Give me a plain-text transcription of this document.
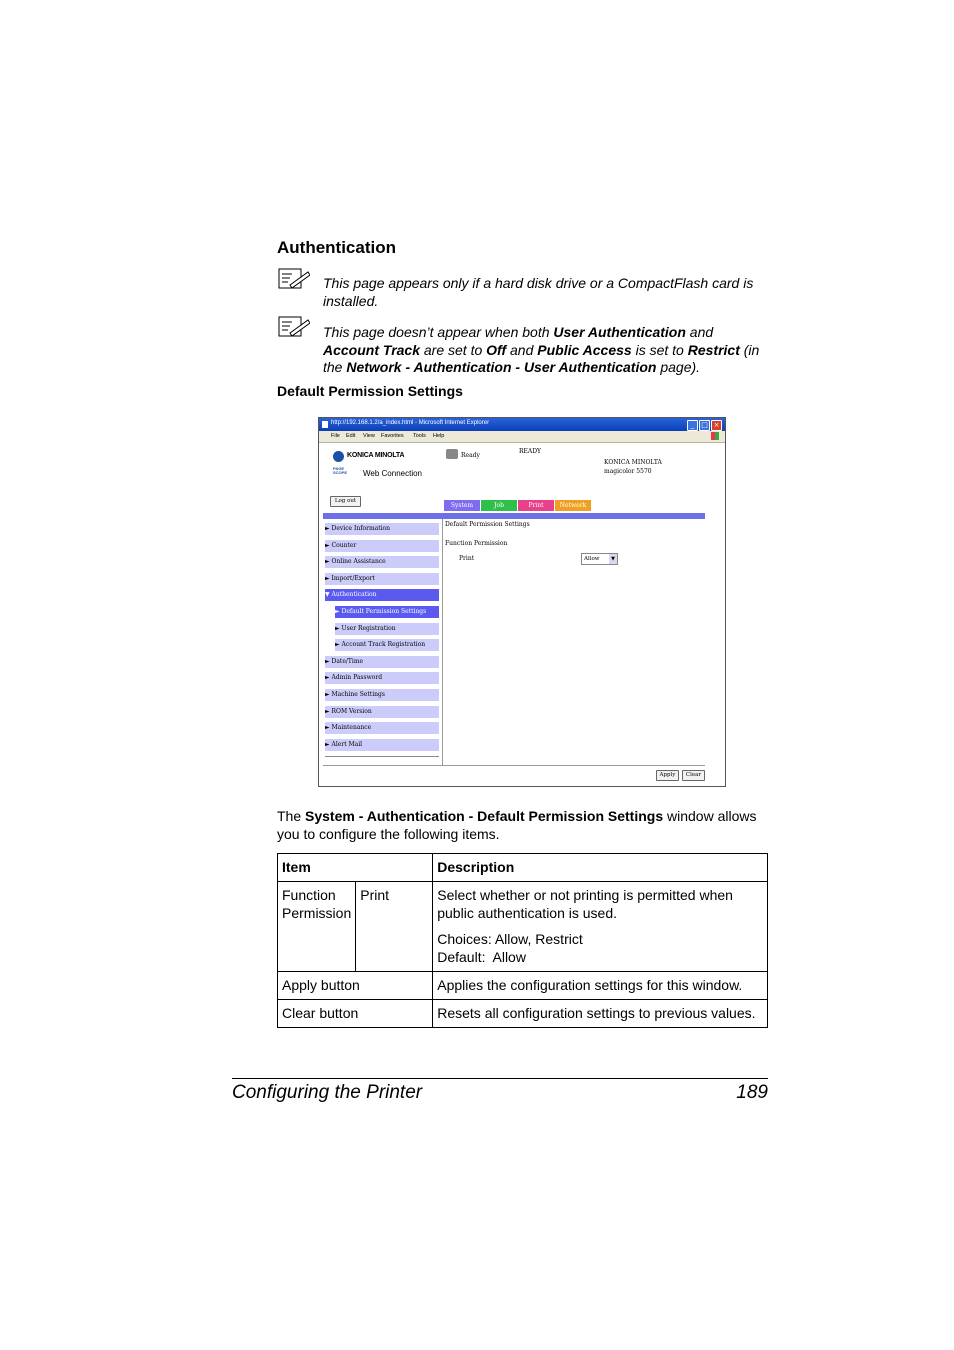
Authentication
This page appears only if a hard disk drive or a CompactFlash card is installed.
This page doesn’t appear when both User Authentication and Account Track are set to Off and Public Access is set to Restrict (in the Network - Authentication - User Authentication page).
Default Permission Settings
http://192.168.1.2/a_index.html - Microsoft Internet Explorer	_ □ ×
File Edit View Favorites Tools Help
KONICA MINOLTA
PAGE SCOPE	Web Connection
Ready
READY
KONICA MINOLTA
magicolor 5570
Log out
System	Job	Print	Network
► Device Information
► Counter
► Online Assistance
► Import/Export
▼ Authentication
► Default Permission Settings
► User Registration
► Account Track Registration
► Date/Time
► Admin Password
► Machine Settings
► ROM Version
► Maintenance
► Alert Mail
Default Permission Settings
Function Permission
Print	Allow	▼
Apply	Clear
The System - Authentication - Default Permission Settings window allows you to configure the following items.
Item		Description
Function Permission	Print	Select whether or not printing is permitted when public authentication is used.

Choices: Allow, Restrict

Default:  Allow

Apply button		Applies the configuration settings for this window.
Clear button		Resets all configuration settings to previous values.
Configuring the Printer	189
